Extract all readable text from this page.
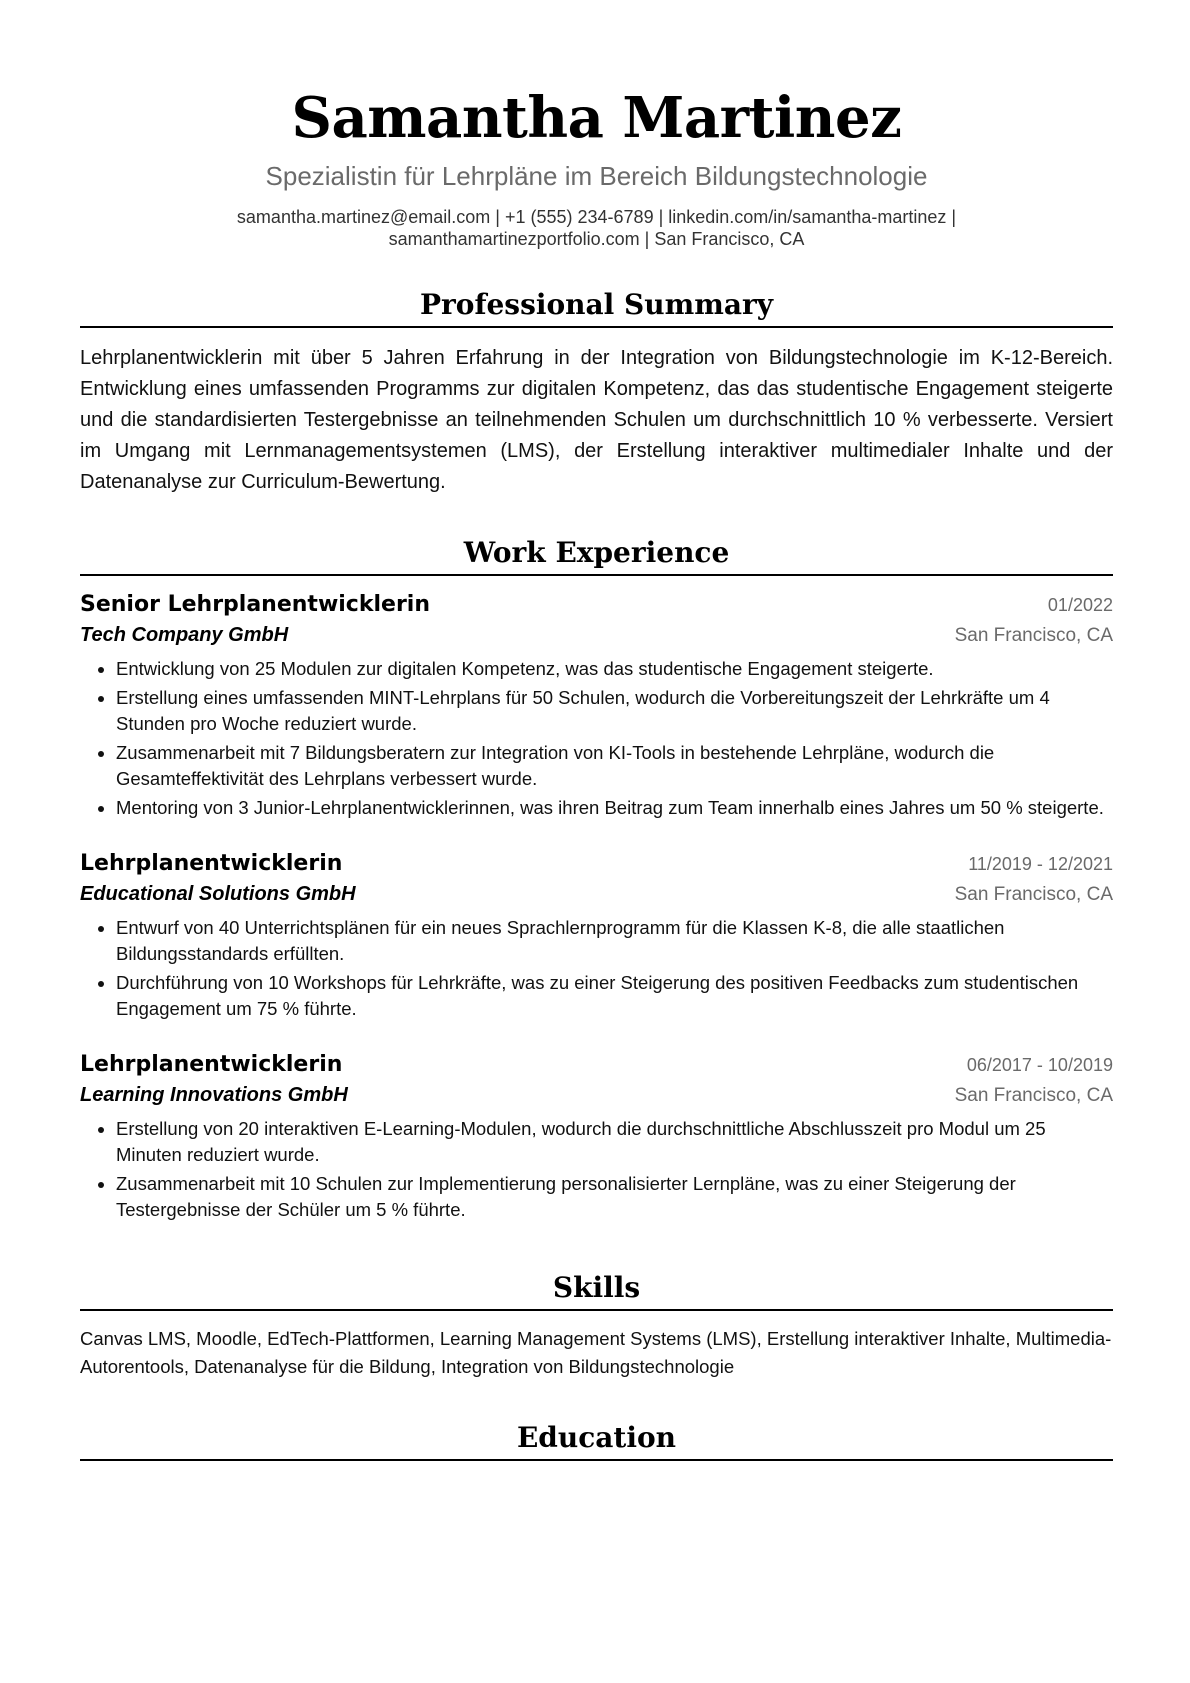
Samantha Martinez
Spezialistin für Lehrpläne im Bereich Bildungstechnologie
samantha.martinez@email.com | +1 (555) 234-6789 | linkedin.com/in/samantha-martinez |
samanthamartinezportfolio.com | San Francisco, CA
Professional Summary
Lehrplanentwicklerin mit über 5 Jahren Erfahrung in der Integration von Bildungstechnologie im K-12-Bereich. Entwicklung eines umfassenden Programms zur digitalen Kompetenz, das das studentische Engagement steigerte und die standardisierten Testergebnisse an teilnehmenden Schulen um durchschnittlich 10 % verbesserte. Versiert im Umgang mit Lernmanagementsystemen (LMS), der Erstellung interaktiver multimedialer Inhalte und der Datenanalyse zur Curriculum-Bewertung.
Work Experience
Senior Lehrplanentwicklerin	01/2022
Tech Company GmbH	San Francisco, CA
• Entwicklung von 25 Modulen zur digitalen Kompetenz, was das studentische Engagement steigerte.
• Erstellung eines umfassenden MINT-Lehrplans für 50 Schulen, wodurch die Vorbereitungszeit der Lehrkräfte um 4 Stunden pro Woche reduziert wurde.
• Zusammenarbeit mit 7 Bildungsberatern zur Integration von KI-Tools in bestehende Lehrpläne, wodurch die Gesamteffektivität des Lehrplans verbessert wurde.
• Mentoring von 3 Junior-Lehrplanentwicklerinnen, was ihren Beitrag zum Team innerhalb eines Jahres um 50 % steigerte.
Lehrplanentwicklerin	11/2019 - 12/2021
Educational Solutions GmbH	San Francisco, CA
• Entwurf von 40 Unterrichtsplänen für ein neues Sprachlernprogramm für die Klassen K-8, die alle staatlichen Bildungsstandards erfüllten.
• Durchführung von 10 Workshops für Lehrkräfte, was zu einer Steigerung des positiven Feedbacks zum studentischen Engagement um 75 % führte.
Lehrplanentwicklerin	06/2017 - 10/2019
Learning Innovations GmbH	San Francisco, CA
• Erstellung von 20 interaktiven E-Learning-Modulen, wodurch die durchschnittliche Abschlusszeit pro Modul um 25 Minuten reduziert wurde.
• Zusammenarbeit mit 10 Schulen zur Implementierung personalisierter Lernpläne, was zu einer Steigerung der Testergebnisse der Schüler um 5 % führte.
Skills
Canvas LMS, Moodle, EdTech-Plattformen, Learning Management Systems (LMS), Erstellung interaktiver Inhalte, Multimedia-Autorentools, Datenanalyse für die Bildung, Integration von Bildungstechnologie
Education
